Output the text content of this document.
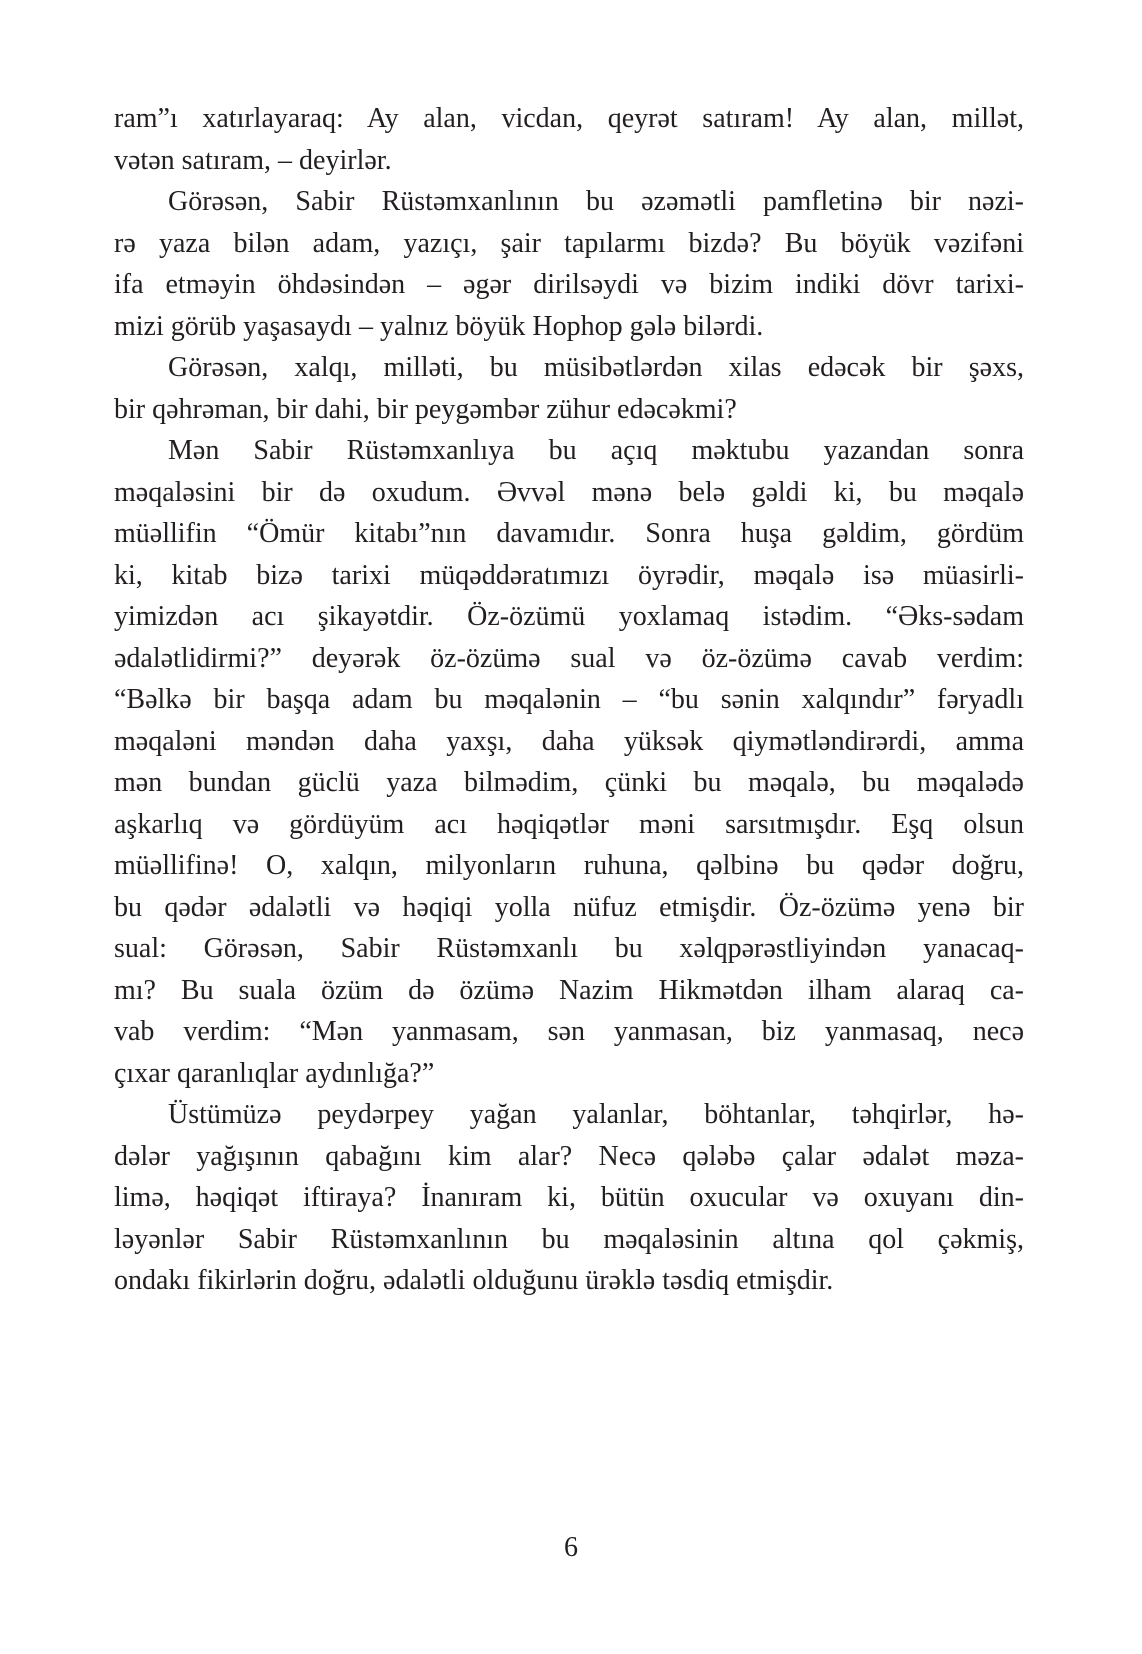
ram”ı xatırlayaraq: Ay alan, vicdan, qeyrət satıram! Ay alan, millət,
vətən satıram, – deyirlər.
Görəsən, Sabir Rüstəmxanlının bu əzəmətli pamfletinə bir nəzi-
rə yaza bilən adam, yazıçı, şair tapılarmı bizdə? Bu böyük vəzifəni
ifa etməyin öhdəsindən – əgər dirilsəydi və bizim indiki dövr tarixi-
mizi görüb yaşasaydı – yalnız böyük Hophop gələ bilərdi.
Görəsən, xalqı, milləti, bu müsibətlərdən xilas edəcək bir şəxs,
bir qəhrəman, bir dahi, bir peygəmbər zühur edəcəkmi?
Mən Sabir Rüstəmxanlıya bu açıq məktubu yazandan sonra
məqaləsini bir də oxudum. Əvvəl mənə belə gəldi ki, bu məqalə
müəllifin “Ömür kitabı”nın davamıdır. Sonra huşa gəldim, gördüm
ki, kitab bizə tarixi müqəddəratımızı öyrədir, məqalə isə müasirli-
yimizdən acı şikayətdir. Öz-özümü yoxlamaq istədim. “Əks-sədam
ədalətlidirmi?” deyərək öz-özümə sual və öz-özümə cavab verdim:
“Bəlkə bir başqa adam bu məqalənin – “bu sənin xalqındır” fəryadlı
məqaləni məndən daha yaxşı, daha yüksək qiymətləndirərdi, amma
mən bundan güclü yaza bilmədim, çünki bu məqalə, bu məqalədə
aşkarlıq və gördüyüm acı həqiqətlər məni sarsıtmışdır. Eşq olsun
müəllifinə! O, xalqın, milyonların ruhuna, qəlbinə bu qədər doğru,
bu qədər ədalətli və həqiqi yolla nüfuz etmişdir. Öz-özümə yenə bir
sual: Görəsən, Sabir Rüstəmxanlı bu xəlqpərəstliyindən yanacaq-
mı? Bu suala özüm də özümə Nazim Hikmətdən ilham alaraq ca-
vab verdim: “Mən yanmasam, sən yanmasan, biz yanmasaq, necə
çıxar qaranlıqlar aydınlığa?”
Üstümüzə peydərpey yağan yalanlar, böhtanlar, təhqirlər, hə-
dələr yağışının qabağını kim alar? Necə qələbə çalar ədalət məza-
limə, həqiqət iftiraya? İnanıram ki, bütün oxucular və oxuyanı din-
ləyənlər Sabir Rüstəmxanlının bu məqaləsinin altına qol çəkmiş,
ondakı fikirlərin doğru, ədalətli olduğunu ürəklə təsdiq etmişdir.
6
